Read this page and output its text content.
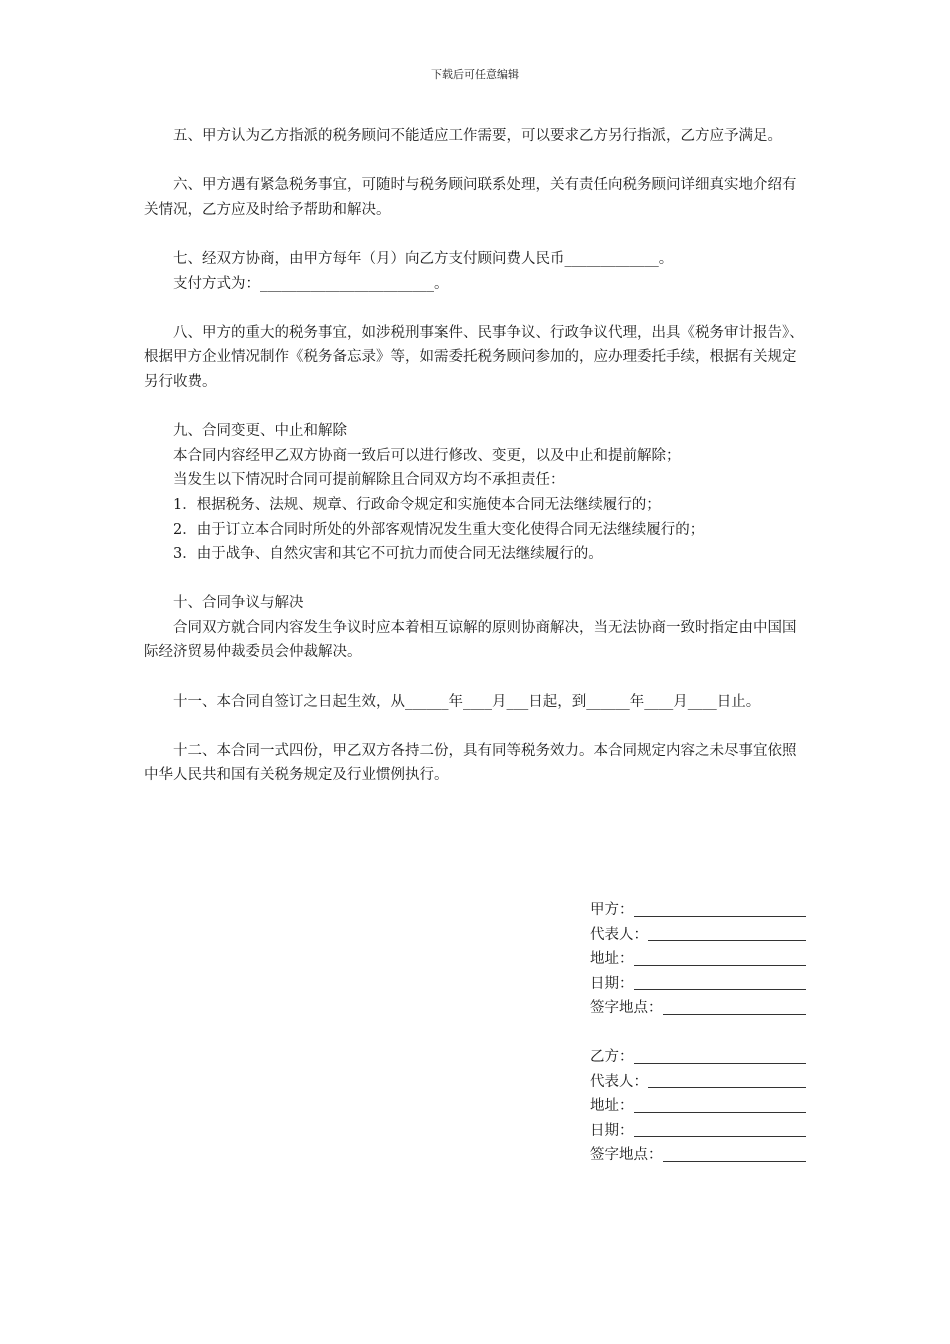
下载后可任意编辑

五、甲方认为乙方指派的税务顾问不能适应工作需要，可以要求乙方另行指派，乙方应予满足。

六、甲方遇有紧急税务事宜，可随时与税务顾问联系处理，关有责任向税务顾问详细真实地介绍有关情况，乙方应及时给予帮助和解决。

七、经双方协商，由甲方每年（月）向乙方支付顾问费人民币_____________。

支付方式为：________________________。

八、甲方的重大的税务事宜，如涉税刑事案件、民事争议、行政争议代理，出具《税务审计报告》、根据甲方企业情况制作《税务备忘录》等，如需委托税务顾问参加的，应办理委托手续，根据有关规定另行收费。

九、合同变更、中止和解除

本合同内容经甲乙双方协商一致后可以进行修改、变更，以及中止和提前解除；

当发生以下情况时合同可提前解除且合同双方均不承担责任：

1．根据税务、法规、规章、行政命令规定和实施使本合同无法继续履行的；

2．由于订立本合同时所处的外部客观情况发生重大变化使得合同无法继续履行的；

3．由于战争、自然灾害和其它不可抗力而使合同无法继续履行的。

十、合同争议与解决

合同双方就合同内容发生争议时应本着相互谅解的原则协商解决，当无法协商一致时指定由中国国际经济贸易仲裁委员会仲裁解决。

十一、本合同自签订之日起生效，从______年____月___日起，到______年____月____日止。

十二、本合同一式四份，甲乙双方各持二份，具有同等税务效力。本合同规定内容之未尽事宜依照中华人民共和国有关税务规定及行业惯例执行。

甲方：
代表人：
地址：
日期：
签字地点：
乙方：
代表人：
地址：
日期：
签字地点：
